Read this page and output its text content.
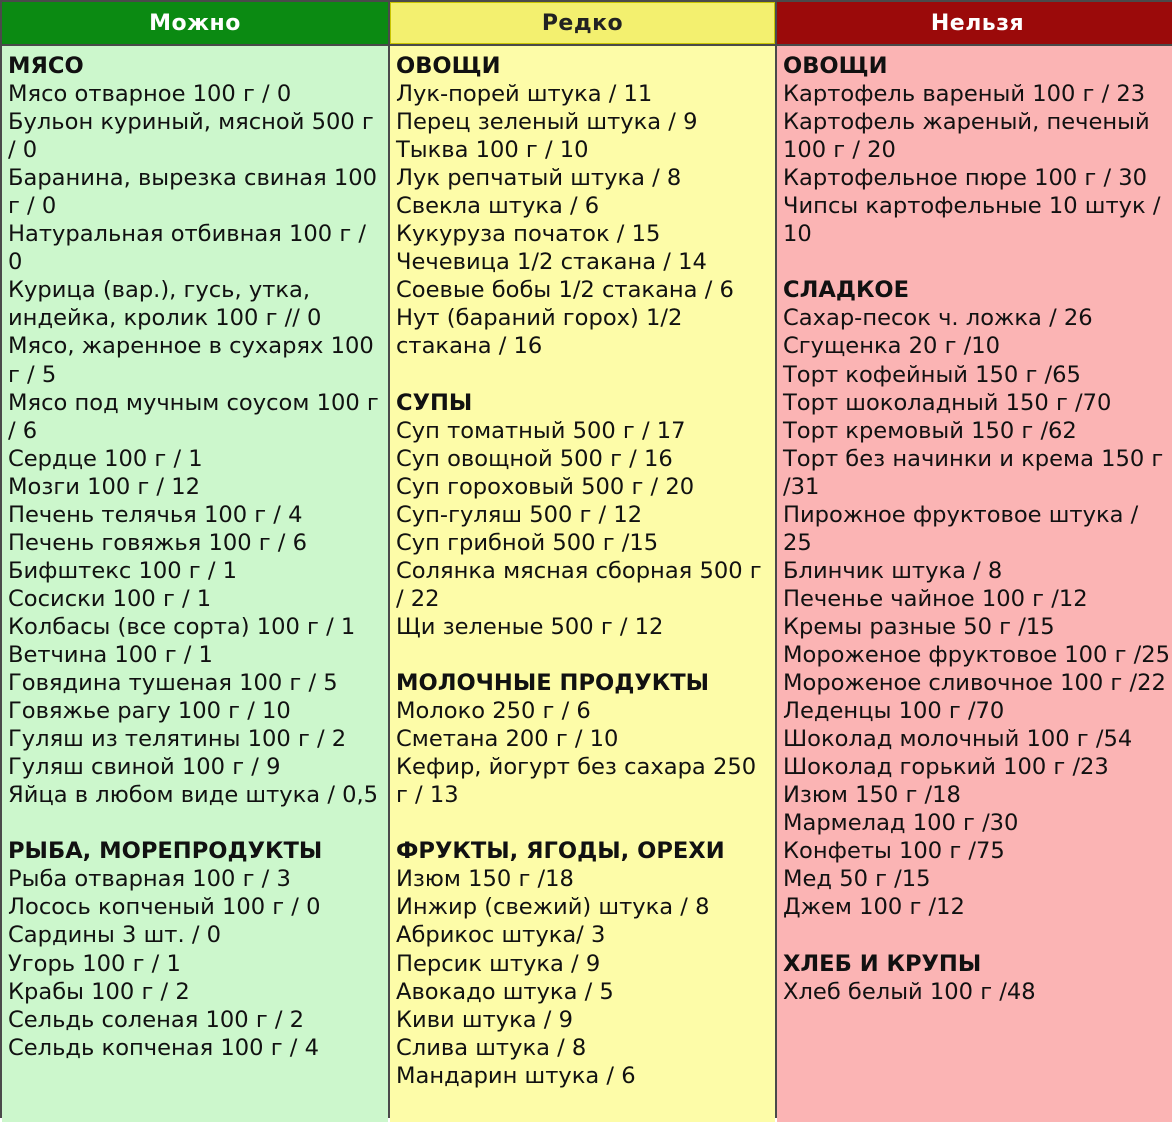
Можно	Редко	Нельзя
МЯСО
Мясо отварное 100 г / 0
Бульон куриный, мясной 500 г / 0
Баранина, вырезка свиная 100 г / 0
Натуральная отбивная 100 г / 0
Курица (вар.), гусь, утка, индейка, кролик 100 г // 0
Мясо, жаренное в сухарях 100 г / 5
Мясо под мучным соусом 100 г / 6
Сердце 100 г / 1
Мозги 100 г / 12
Печень телячья 100 г / 4
Печень говяжья 100 г / 6
Бифштекс 100 г / 1
Сосиски 100 г / 1
Колбасы (все сорта) 100 г / 1
Ветчина 100 г / 1
Говядина тушеная 100 г / 5
Говяжье рагу 100 г / 10
Гуляш из телятины 100 г / 2
Гуляш свиной 100 г / 9
Яйца в любом виде штука / 0,5
РЫБА, МОРЕПРОДУКТЫ
Рыба отварная 100 г / 3
Лосось копченый 100 г / 0
Сардины 3 шт. / 0
Угорь 100 г / 1
Крабы 100 г / 2
Сельдь соленая 100 г / 2
Сельдь копченая 100 г / 4
ОВОЩИ
Лук-порей штука / 11
Перец зеленый штука / 9
Тыква 100 г / 10
Лук репчатый штука / 8
Свекла штука / 6
Кукуруза початок / 15
Чечевица 1/2 стакана / 14
Соевые бобы 1/2 стакана / 6
Нут (бараний горох) 1/2 стакана / 16
СУПЫ
Суп томатный 500 г / 17
Суп овощной 500 г / 16
Суп гороховый 500 г / 20
Суп-гуляш 500 г / 12
Суп грибной 500 г /15
Солянка мясная сборная 500 г / 22
Щи зеленые 500 г / 12
МОЛОЧНЫЕ ПРОДУКТЫ
Молоко 250 г / 6
Сметана 200 г / 10
Кефир, йогурт без сахара 250 г / 13
ФРУКТЫ, ЯГОДЫ, ОРЕХИ
Изюм 150 г /18
Инжир (свежий) штука / 8
Абрикос штука/ 3
Персик штука / 9
Авокадо штука / 5
Киви штука / 9
Слива штука / 8
Мандарин штука / 6
ОВОЩИ
Картофель вареный 100 г / 23
Картофель жареный, печеный 100 г / 20
Картофельное пюре 100 г / 30
Чипсы картофельные 10 штук / 10
СЛАДКОЕ
Сахар-песок ч. ложка / 26
Сгущенка 20 г /10
Торт кофейный 150 г /65
Торт шоколадный 150 г /70
Торт кремовый 150 г /62
Торт без начинки и крема 150 г /31
Пирожное фруктовое штука / 25
Блинчик штука / 8
Печенье чайное 100 г /12
Кремы разные 50 г /15
Мороженое фруктовое 100 г /25
Мороженое сливочное 100 г /22
Леденцы 100 г /70
Шоколад молочный 100 г /54
Шоколад горький 100 г /23
Изюм 150 г /18
Мармелад 100 г /30
Конфеты 100 г /75
Мед 50 г /15
Джем 100 г /12
ХЛЕБ И КРУПЫ
Хлеб белый 100 г /48
